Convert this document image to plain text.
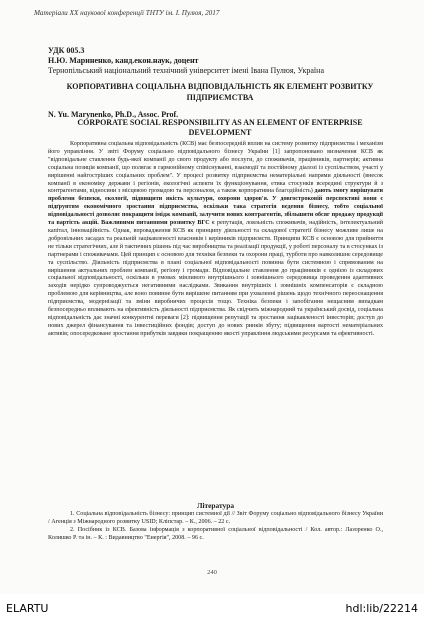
Матеріали XX наукової конференції ТНТУ ім. І. Пулюя, 2017
УДК 005.3
Н.Ю. Мариненко, канд.екон.наук, доцент
Тернопільський національний технічний університет імені Івана Пулюя, Україна
КОРПОРАТИВНА СОЦІАЛЬНА ВІДПОВІДАЛЬНІСТЬ ЯК ЕЛЕМЕНТ РОЗВИТКУ ПІДПРИЄМСТВА
N. Yu. Marynenko, Ph.D., Assoc. Prof.
CORPORATE SOCIAL RESPONSIBILITY AS AN ELEMENT OF ENTERPRISE DEVELOPMENT

Корпоративна соціальна відповідальність (КСВ) має безпосередній вплив на систему розвитку підприємства і механізм його управління. У звіті Форуму соціально відповідального бізнесу України [1] запропоновано визначення КСВ як "відповідальне ставлення будь-якої компанії до свого продукту або послуги, до споживачів, працівників, партнерів; активна соціальна позиція компанії, що полягає в гармонійному співіснуванні, взаємодії та постійному діалозі із суспільством, участі у вирішенні найгостріших соціальних проблем". У процесі розвитку підприємства нематеріальні напрями діяльності (внесок компанії в економіку держави і регіонів, екологічні аспекти їх функціонування, етика стосунків всередині структури й з контрагентами, відносини з місцевою громадою та персоналом, а також корпоративна благодійність) дають змогу вирішувати проблеми безпеки, екології, підвищити якість культури, охорони здоров'я. У довгостроковій перспективі вони є підґрунтям економічного зростання підприємства, оскільки така стратегія ведення бізнесу, тобто соціальної відповідальності дозволяє покращити імідж компанії, залучити нових контрагентів, збільшити обсяг продажу продукції та вартість акцій. Важливими питаннями розвитку ВГС є репутація, лояльність споживачів, надійність, інтелектуальний капітал, інноваційність. Однак, впровадження КСВ як принципу діяльності та складової стратегії бізнесу можливе лише на добровільних засадах та реальній зацікавленості власників і керівників підприємств. Принципи КСВ є основою для прийняття не тільки стратегічних, але й тактичних рішень під час виробництва та реалізації продукції, у роботі персоналу та в стосунках із партнерами і споживачами. Цей принцип є основою для техніки безпеки та охорони праці, турботи про навколишнє середовище та суспільство. Діяльність підприємства в плані соціальної відповідальності повинна бути системною і спрямованим на вирішення актуальних проблем компанії, регіону і громади. Відповідальне ставлення до працівників є однією із складових соціальної відповідальності, оскільки в умовах мінливого внутрішнього і зовнішнього середовища проведення адаптивних заходів нерідко супроводжується негативними наслідками. Звикання внутрішніх і зовнішніх компенсаторів є складною проблемою для керівництва, але воно повинне бути вирішене питанням при ухваленні рішень щодо технічного переоснащення підприємства, модернізації та зміни виробничих процесів тощо. Техніка безпеки і запобігання нещасним випадкам безпосередньо впливають на ефективність діяльності підприємства. Як свідчить міжнародний та український досвід, соціальна відповідальність дає значні конкурентні переваги [2]: підвищення репутації та зростання зацікавленості інвесторів; доступ до нових джерел фінансування та інвестиційних фондів; доступ до нових ринків збуту; підвищення вартості нематеріальних активів; опосередковане зростання прибутків завдяки покращенню якості управління людськими ресурсами та ефективності.

Література

1. Соціальна відповідальність бізнесу: принцип системної дії // Звіт Форуму соціально відповідального бізнесу України / Агенція з Міжнародного розвитку USID; Кліпстар. – К., 2006. – 22 с.

2. Посібник із КСВ. Базова інформація з корпоративної соціальної відповідальності / Кол. автор.: Лазоренко О., Колишко Р. та ін. – К. : Видавництво "Енергія", 2008. – 96 с.

240
ELARTU	hdl:lib/22214
